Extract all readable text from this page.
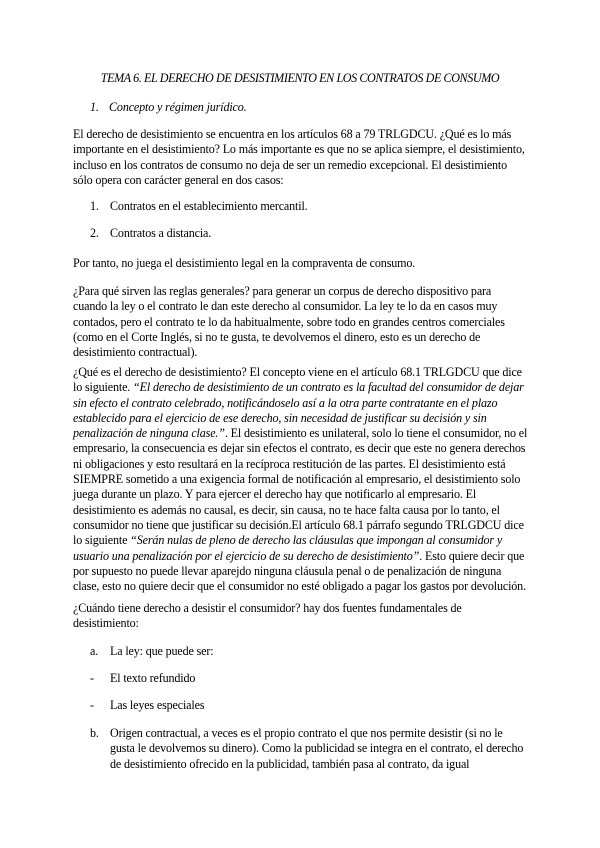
TEMA 6. EL DERECHO DE DESISTIMIENTO EN LOS CONTRATOS DE CONSUMO
1. Concepto y régimen jurídico.

El derecho de desistimiento se encuentra en los artículos 68 a 79 TRLGDCU. ¿Qué es lo más importante en el desistimiento? Lo más importante es que no se aplica siempre, el desistimiento, incluso en los contratos de consumo no deja de ser un remedio excepcional. El desistimiento sólo opera con carácter general en dos casos:

1. Contratos en el establecimiento mercantil.
2. Contratos a distancia.

Por tanto, no juega el desistimiento legal en la compraventa de consumo.

¿Para qué sirven las reglas generales? para generar un corpus de derecho dispositivo para cuando la ley o el contrato le dan este derecho al consumidor. La ley te lo da en casos muy contados, pero el contrato te lo da habitualmente, sobre todo en grandes centros comerciales (como en el Corte Inglés, si no te gusta, te devolvemos el dinero, esto es un derecho de desistimiento contractual).

¿Qué es el derecho de desistimiento? El concepto viene en el artículo 68.1 TRLGDCU que dice lo siguiente. “El derecho de desistimiento de un contrato es la facultad del consumidor de dejar sin efecto el contrato celebrado, notificándoselo así a la otra parte contratante en el plazo establecido para el ejercicio de ese derecho, sin necesidad de justificar su decisión y sin penalización de ninguna clase.”. El desistimiento es unilateral, solo lo tiene el consumidor, no el empresario, la consecuencia es dejar sin efectos el contrato, es decir que este no genera derechos ni obligaciones y esto resultará en la recíproca restitución de las partes. El desistimiento está SIEMPRE sometido a una exigencia formal de notificación al empresario, el desistimiento solo juega durante un plazo. Y para ejercer el derecho hay que notificarlo al empresario. El desistimiento es además no causal, es decir, sin causa, no te hace falta causa por lo tanto, el consumidor no tiene que justificar su decisión.El artículo 68.1 párrafo segundo TRLGDCU dice lo siguiente “Serán nulas de pleno de derecho las cláusulas que impongan al consumidor y usuario una penalización por el ejercicio de su derecho de desistimiento”. Esto quiere decir que por supuesto no puede llevar aparejdo ninguna cláusula penal o de penalización de ninguna clase, esto no quiere decir que el consumidor no esté obligado a pagar los gastos por devolución.

¿Cuándo tiene derecho a desistir el consumidor? hay dos fuentes fundamentales de desistimiento:

a. La ley: que puede ser:
- El texto refundido
- Las leyes especiales
b. Origen contractual, a veces es el propio contrato el que nos permite desistir (si no le gusta le devolvemos su dinero). Como la publicidad se integra en el contrato, el derecho de desistimiento ofrecido en la publicidad, también pasa al contrato, da igual
